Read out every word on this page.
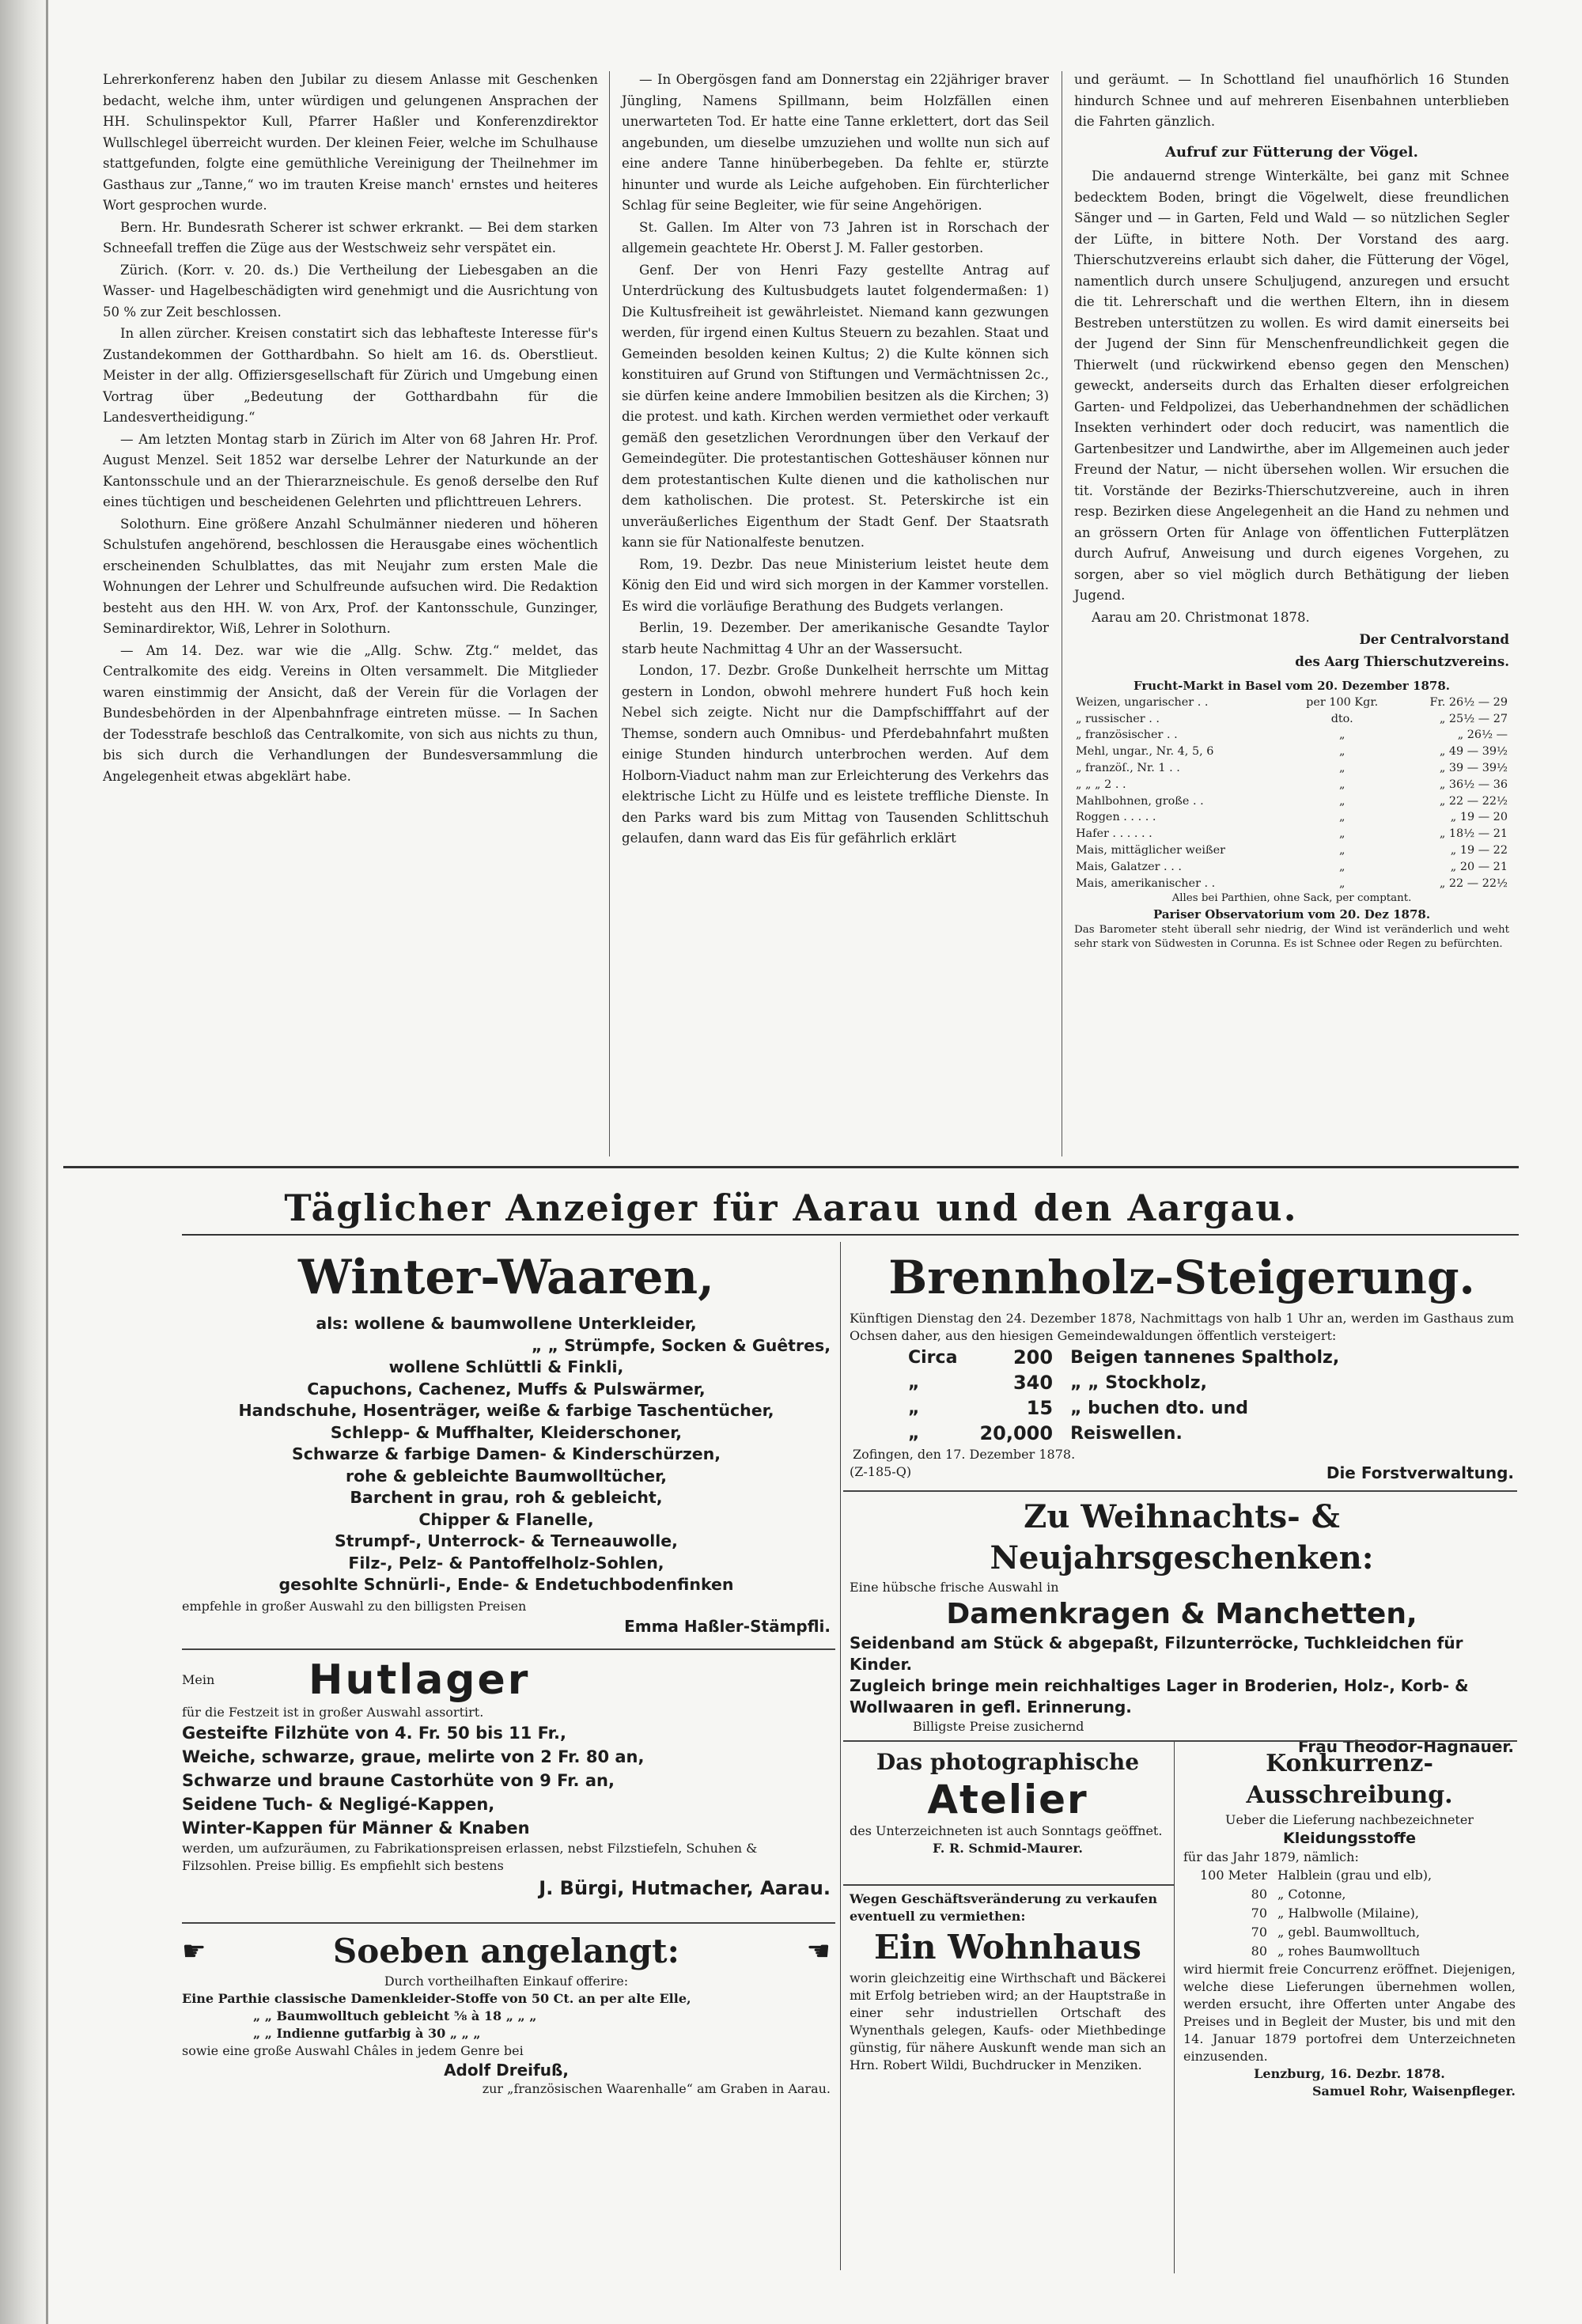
Lehrerkonferenz haben den Jubilar zu diesem Anlasse mit Geschenken bedacht, welche ihm, unter würdigen und gelungenen Ansprachen der HH. Schulinspektor Kull, Pfarrer Haßler und Konferenzdirektor Wullschlegel überreicht wurden. Der kleinen Feier, welche im Schulhause stattgefunden, folgte eine gemüthliche Vereinigung der Theilnehmer im Gasthaus zur „Tanne,“ wo im trauten Kreise manch' ernstes und heiteres Wort gesprochen wurde.

Bern. Hr. Bundesrath Scherer ist schwer erkrankt. — Bei dem starken Schneefall treffen die Züge aus der Westschweiz sehr verspätet ein.

Zürich. (Korr. v. 20. ds.) Die Vertheilung der Liebesgaben an die Wasser- und Hagelbeschädigten wird genehmigt und die Ausrichtung von 50 % zur Zeit beschlossen.

In allen zürcher. Kreisen constatirt sich das lebhafteste Interesse für's Zustandekommen der Gotthardbahn. So hielt am 16. ds. Oberstlieut. Meister in der allg. Offiziersgesellschaft für Zürich und Umgebung einen Vortrag über „Bedeutung der Gotthardbahn für die Landesvertheidigung.“

— Am letzten Montag starb in Zürich im Alter von 68 Jahren Hr. Prof. August Menzel. Seit 1852 war derselbe Lehrer der Naturkunde an der Kantonsschule und an der Thierarzneischule. Es genoß derselbe den Ruf eines tüchtigen und bescheidenen Gelehrten und pflichttreuen Lehrers.

Solothurn. Eine größere Anzahl Schulmänner niederen und höheren Schulstufen angehörend, beschlossen die Herausgabe eines wöchentlich erscheinenden Schulblattes, das mit Neujahr zum ersten Male die Wohnungen der Lehrer und Schulfreunde aufsuchen wird. Die Redaktion besteht aus den HH. W. von Arx, Prof. der Kantonsschule, Gunzinger, Seminardirektor, Wiß, Lehrer in Solothurn.

— Am 14. Dez. war wie die „Allg. Schw. Ztg.“ meldet, das Centralkomite des eidg. Vereins in Olten versammelt. Die Mitglieder waren einstimmig der Ansicht, daß der Verein für die Vorlagen der Bundesbehörden in der Alpenbahnfrage eintreten müsse. — In Sachen der Todesstrafe beschloß das Centralkomite, von sich aus nichts zu thun, bis sich durch die Verhandlungen der Bundesversammlung die Angelegenheit etwas abgeklärt habe.

— In Obergösgen fand am Donnerstag ein 22jähriger braver Jüngling, Namens Spillmann, beim Holzfällen einen unerwarteten Tod. Er hatte eine Tanne erklettert, dort das Seil angebunden, um dieselbe umzuziehen und wollte nun sich auf eine andere Tanne hinüberbegeben. Da fehlte er, stürzte hinunter und wurde als Leiche aufgehoben. Ein fürchterlicher Schlag für seine Begleiter, wie für seine Angehörigen.

St. Gallen. Im Alter von 73 Jahren ist in Rorschach der allgemein geachtete Hr. Oberst J. M. Faller gestorben.

Genf. Der von Henri Fazy gestellte Antrag auf Unterdrückung des Kultusbudgets lautet folgendermaßen: 1) Die Kultusfreiheit ist gewährleistet. Niemand kann gezwungen werden, für irgend einen Kultus Steuern zu bezahlen. Staat und Gemeinden besolden keinen Kultus; 2) die Kulte können sich konstituiren auf Grund von Stiftungen und Vermächtnissen 2c., sie dürfen keine andere Immobilien besitzen als die Kirchen; 3) die protest. und kath. Kirchen werden vermiethet oder verkauft gemäß den gesetzlichen Verordnungen über den Verkauf der Gemeindegüter. Die protestantischen Gotteshäuser können nur dem protestantischen Kulte dienen und die katholischen nur dem katholischen. Die protest. St. Peterskirche ist ein unveräußerliches Eigenthum der Stadt Genf. Der Staatsrath kann sie für Nationalfeste benutzen.

Rom, 19. Dezbr. Das neue Ministerium leistet heute dem König den Eid und wird sich morgen in der Kammer vorstellen. Es wird die vorläufige Berathung des Budgets verlangen.

Berlin, 19. Dezember. Der amerikanische Gesandte Taylor starb heute Nachmittag 4 Uhr an der Wassersucht.

London, 17. Dezbr. Große Dunkelheit herrschte um Mittag gestern in London, obwohl mehrere hundert Fuß hoch kein Nebel sich zeigte. Nicht nur die Dampfschifffahrt auf der Themse, sondern auch Omnibus- und Pferdebahnfahrt mußten einige Stunden hindurch unterbrochen werden. Auf dem Holborn-Viaduct nahm man zur Erleichterung des Verkehrs das elektrische Licht zu Hülfe und es leistete treffliche Dienste. In den Parks ward bis zum Mittag von Tausenden Schlittschuh gelaufen, dann ward das Eis für gefährlich erklärt

und geräumt. — In Schottland fiel unaufhörlich 16 Stunden hindurch Schnee und auf mehreren Eisenbahnen unterblieben die Fahrten gänzlich.

Aufruf zur Fütterung der Vögel.

Die andauernd strenge Winterkälte, bei ganz mit Schnee bedecktem Boden, bringt die Vögelwelt, diese freundlichen Sänger und — in Garten, Feld und Wald — so nützlichen Segler der Lüfte, in bittere Noth. Der Vorstand des aarg. Thierschutzvereins erlaubt sich daher, die Fütterung der Vögel, namentlich durch unsere Schuljugend, anzuregen und ersucht die tit. Lehrerschaft und die werthen Eltern, ihn in diesem Bestreben unterstützen zu wollen. Es wird damit einerseits bei der Jugend der Sinn für Menschenfreundlichkeit gegen die Thierwelt (und rückwirkend ebenso gegen den Menschen) geweckt, anderseits durch das Erhalten dieser erfolgreichen Garten- und Feldpolizei, das Ueberhandnehmen der schädlichen Insekten verhindert oder doch reducirt, was namentlich die Gartenbesitzer und Landwirthe, aber im Allgemeinen auch jeder Freund der Natur, — nicht übersehen wollen. Wir ersuchen die tit. Vorstände der Bezirks-Thierschutzvereine, auch in ihren resp. Bezirken diese Angelegenheit an die Hand zu nehmen und an grössern Orten für Anlage von öffentlichen Futterplätzen durch Aufruf, Anweisung und durch eigenes Vorgehen, zu sorgen, aber so viel möglich durch Bethätigung der lieben Jugend.

Aarau am 20. Christmonat 1878.

Der Centralvorstand

des Aarg Thierschutzvereins.

Frucht-Markt in Basel vom 20. Dezember 1878.
Weizen, ungarischer . .	per 100 Kgr.	Fr. 26½ — 29
„ russischer . .	dto.	„ 25½ — 27
„ französischer . .	„	„ 26½ —
Mehl, ungar., Nr. 4, 5, 6	„	„ 49 — 39½
„ franzöſ., Nr. 1 . .	„	„ 39 — 39½
„ „ „ 2 . .	„	„ 36½ — 36
Mahlbohnen, große . .	„	„ 22 — 22½
Roggen . . . . .	„	„ 19 — 20
Hafer . . . . . .	„	„ 18½ — 21
Mais, mittäglicher weißer	„	„ 19 — 22
Mais, Galatzer . . .	„	„ 20 — 21
Mais, amerikanischer . .	„	„ 22 — 22½
Alles bei Parthien, ohne Sack, per comptant.
Pariser Observatorium vom 20. Dez 1878.
Das Barometer steht überall sehr niedrig, der Wind ist veränderlich und weht sehr stark von Südwesten in Corunna. Es ist Schnee oder Regen zu befürchten.
Täglicher Anzeiger für Aarau und den Aargau.
Winter-Waaren,
als: wollene & baumwollene Unterkleider,
„ „ Strümpfe, Socken & Guêtres,
wollene Schlüttli & Finkli,
Capuchons, Cachenez, Muffs & Pulswärmer,
Handschuhe, Hosenträger, weiße & farbige Taschentücher,
Schlepp- & Muffhalter, Kleiderschoner,
Schwarze & farbige Damen- & Kinderschürzen,
rohe & gebleichte Baumwolltücher,
Barchent in grau, roh & gebleicht,
Chipper & Flanelle,
Strumpf-, Unterrock- & Terneauwolle,
Filz-, Pelz- & Pantoffelholz-Sohlen,
gesohlte Schnürli-, Ende- & Endetuchbodenfinken
empfehle in großer Auswahl zu den billigsten Preisen
Emma Haßler-Stämpfli.
Mein	Hutlager
für die Festzeit ist in großer Auswahl assortirt.
Gesteifte Filzhüte von 4. Fr. 50 bis 11 Fr.,
Weiche, schwarze, graue, melirte von 2 Fr. 80 an,
Schwarze und braune Castorhüte von 9 Fr. an,
Seidene Tuch- & Negligé-Kappen,
Winter-Kappen für Männer & Knaben
werden, um aufzuräumen, zu Fabrikationspreisen erlassen, nebst Filzstiefeln, Schuhen & Filzsohlen. Preise billig. Es empfiehlt sich bestens
J. Bürgi, Hutmacher, Aarau.
☛	Soeben angelangt:	☚
Durch vortheilhaften Einkauf offerire:
Eine Parthie classische Damenkleider-Stoffe von 50 Ct. an per alte Elle,
„ „ Baumwolltuch gebleicht ⅝ à 18 „ „ „
„ „ Indienne gutfarbig à 30 „ „ „
sowie eine große Auswahl Châles in jedem Genre bei
Adolf Dreifuß,
zur „französischen Waarenhalle“ am Graben in Aarau.
Brennholz-Steigerung.
Künftigen Dienstag den 24. Dezember 1878, Nachmittags von halb 1 Uhr an, werden im Gasthaus zum Ochsen daher, aus den hiesigen Gemeindewaldungen öffentlich versteigert:
Circa	200	Beigen tannenes Spaltholz,
„	340	„ „ Stockholz,
„	15	„ buchen dto. und
„	20,000	Reiswellen.
Zofingen, den 17. Dezember 1878.
(Z-185-Q)	Die Forstverwaltung.
Zu Weihnachts- & Neujahrsgeschenken:
Eine hübsche frische Auswahl in
Damenkragen & Manchetten,
Seidenband am Stück & abgepaßt, Filzunterröcke, Tuchkleidchen für Kinder.
Zugleich bringe mein reichhaltiges Lager in Broderien, Holz-, Korb- & Wollwaaren in gefl. Erinnerung.
Billigste Preise zusichernd
Frau Theodor-Hagnauer.
Das photographische
Atelier
des Unterzeichneten ist auch Sonntags geöffnet.
F. R. Schmid-Maurer.
Wegen Geschäftsveränderung zu verkaufen eventuell zu vermiethen:
Ein Wohnhaus
worin gleichzeitig eine Wirthschaft und Bäckerei mit Erfolg betrieben wird; an der Hauptstraße in einer sehr industriellen Ortschaft des Wynenthals gelegen, Kaufs- oder Miethbedinge günstig, für nähere Auskunft wende man sich an Hrn. Robert Wildi, Buchdrucker in Menziken.
Konkurrenz-Ausschreibung.
Ueber die Lieferung nachbezeichneter
Kleidungsstoffe
für das Jahr 1879, nämlich:
100 Meter	Halblein (grau und elb),
80	„ Cotonne,
70	„ Halbwolle (Milaine),
70	„ gebl. Baumwolltuch,
80	„ rohes Baumwolltuch
wird hiermit freie Concurrenz eröffnet. Diejenigen, welche diese Lieferungen übernehmen wollen, werden ersucht, ihre Offerten unter Angabe des Preises und in Begleit der Muster, bis und mit den 14. Januar 1879 portofrei dem Unterzeichneten einzusenden.
Lenzburg, 16. Dezbr. 1878.
Samuel Rohr, Waisenpfleger.
